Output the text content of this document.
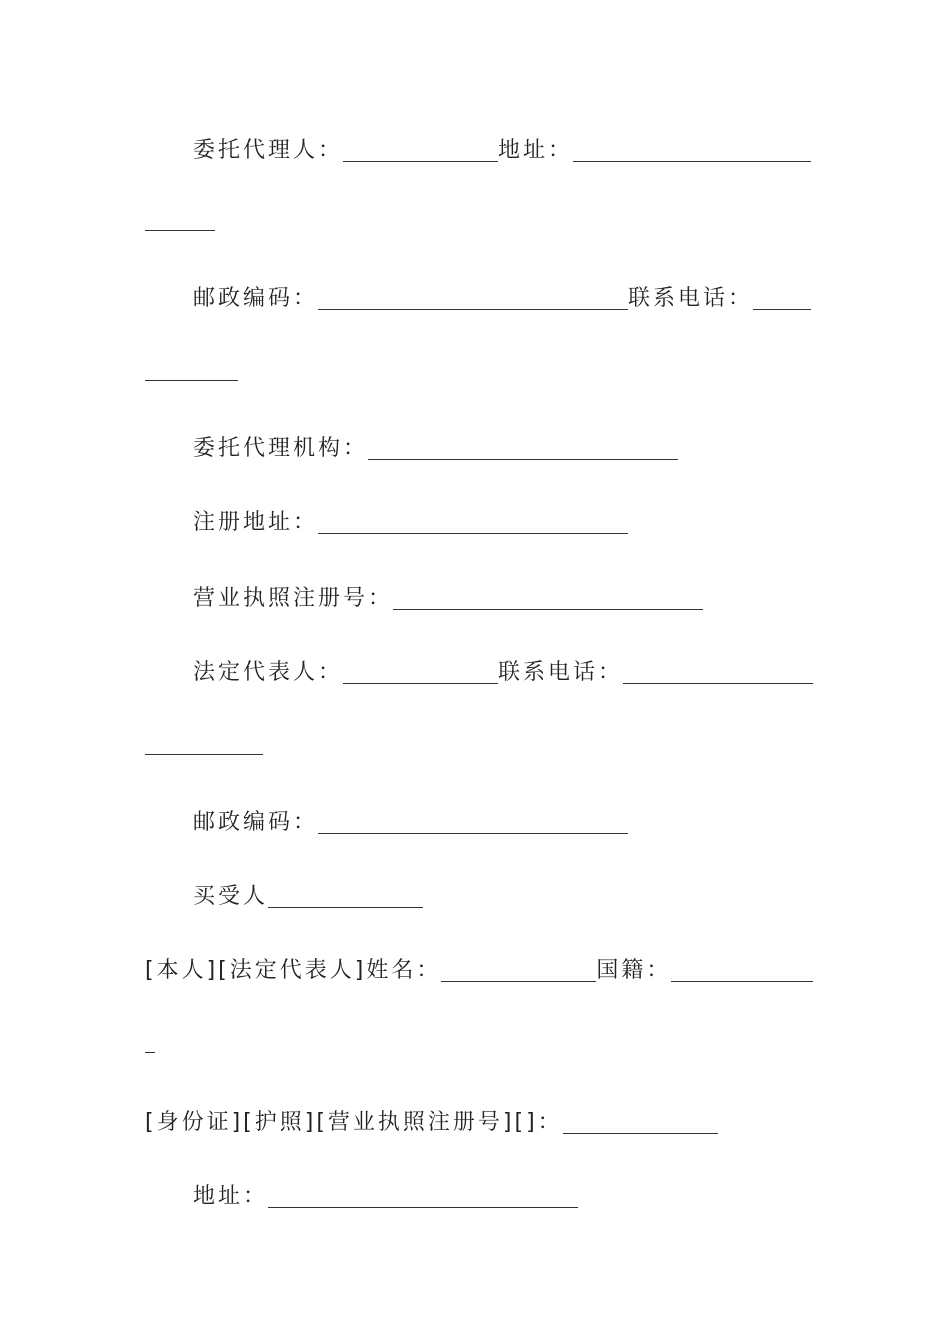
委托代理人：	地址：
邮政编码：	联系电话：
委托代理机构：
注册地址：
营业执照注册号：
法定代表人：	联系电话：
邮政编码：
买受人
[本人][法定代表人]姓名：	国籍：
[身份证][护照][营业执照注册号][]：
地址：
